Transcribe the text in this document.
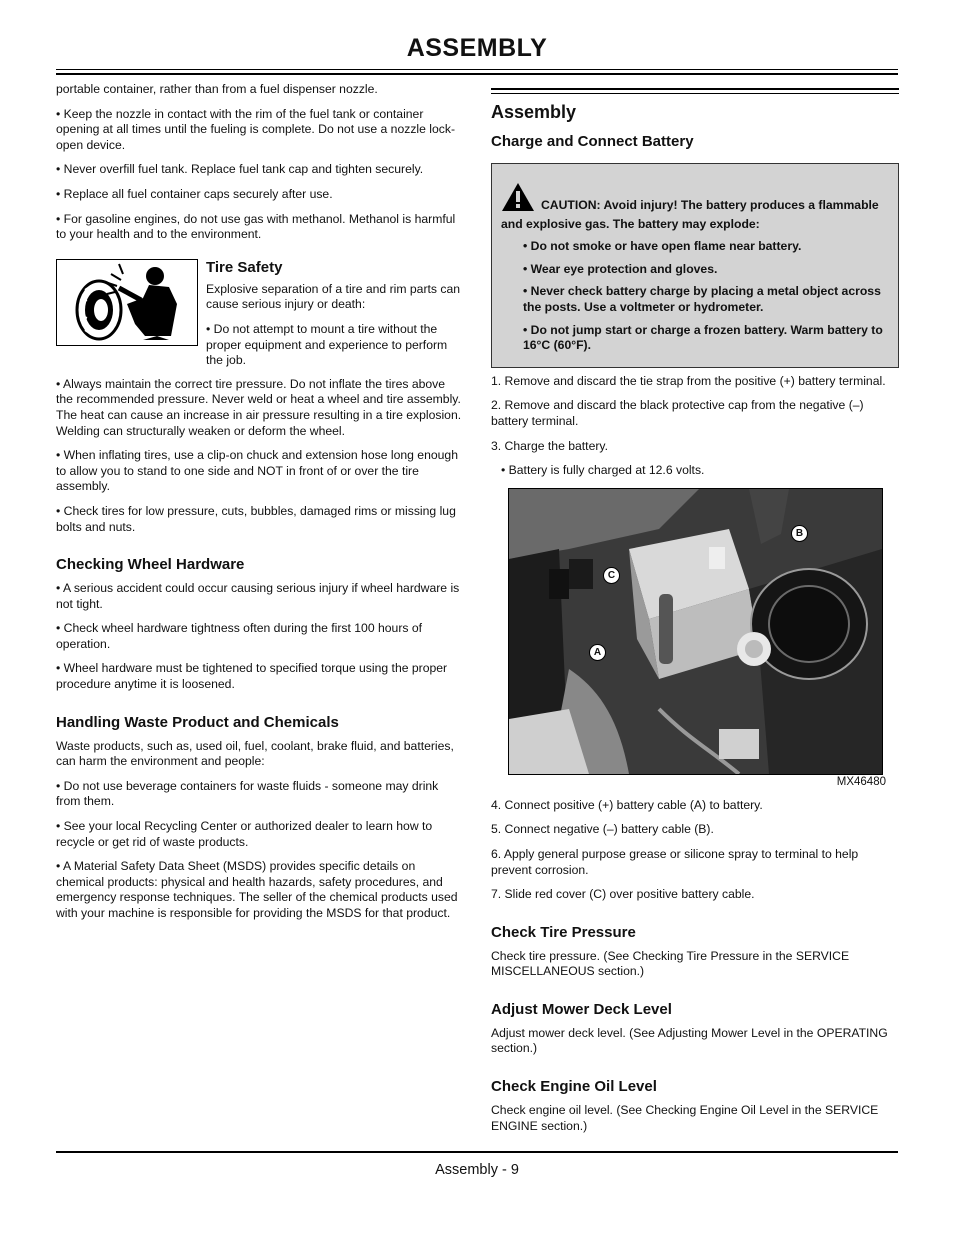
ASSEMBLY

portable container, rather than from a fuel dispenser nozzle.

• Keep the nozzle in contact with the rim of the fuel tank or container opening at all times until the fueling is complete. Do not use a nozzle lock-open device.

• Never overfill fuel tank. Replace fuel tank cap and tighten securely.

• Replace all fuel container caps securely after use.

• For gasoline engines, do not use gas with methanol. Methanol is harmful to your health and to the environment.

Tire Safety

Explosive separation of a tire and rim parts can cause serious injury or death:

• Do not attempt to mount a tire without the proper equipment and experience to perform the job.

• Always maintain the correct tire pressure. Do not inflate the tires above the recommended pressure. Never weld or heat a wheel and tire assembly. The heat can cause an increase in air pressure resulting in a tire explosion. Welding can structurally weaken or deform the wheel.

• When inflating tires, use a clip-on chuck and extension hose long enough to allow you to stand to one side and NOT in front of or over the tire assembly.

• Check tires for low pressure, cuts, bubbles, damaged rims or missing lug bolts and nuts.

Checking Wheel Hardware

• A serious accident could occur causing serious injury if wheel hardware is not tight.

• Check wheel hardware tightness often during the first 100 hours of operation.

• Wheel hardware must be tightened to specified torque using the proper procedure anytime it is loosened.

Handling Waste Product and Chemicals

Waste products, such as, used oil, fuel, coolant, brake fluid, and batteries, can harm the environment and people:

• Do not use beverage containers for waste fluids - someone may drink from them.

• See your local Recycling Center or authorized dealer to learn how to recycle or get rid of waste products.

• A Material Safety Data Sheet (MSDS) provides specific details on chemical products: physical and health hazards, safety procedures, and emergency response techniques. The seller of the chemical products used with your machine is responsible for providing the MSDS for that product.

Assembly
Charge and Connect Battery

CAUTION: Avoid injury! The battery produces a flammable and explosive gas. The battery may explode:

• Do not smoke or have open flame near battery.

• Wear eye protection and gloves.

• Never check battery charge by placing a metal object across the posts. Use a voltmeter or hydrometer.

• Do not jump start or charge a frozen battery. Warm battery to 16°C (60°F).

1. Remove and discard the tie strap from the positive (+) battery terminal.

2. Remove and discard the black protective cap from the negative (–) battery terminal.

3. Charge the battery.

• Battery is fully charged at 12.6 volts.

B
C
A
MX46480

4. Connect positive (+) battery cable (A) to battery.

5. Connect negative (–) battery cable (B).

6. Apply general purpose grease or silicone spray to terminal to help prevent corrosion.

7. Slide red cover (C) over positive battery cable.

Check Tire Pressure

Check tire pressure. (See Checking Tire Pressure in the SERVICE MISCELLANEOUS section.)

Adjust Mower Deck Level

Adjust mower deck level. (See Adjusting Mower Level in the OPERATING section.)

Check Engine Oil Level

Check engine oil level. (See Checking Engine Oil Level in the SERVICE ENGINE section.)

Assembly - 9
